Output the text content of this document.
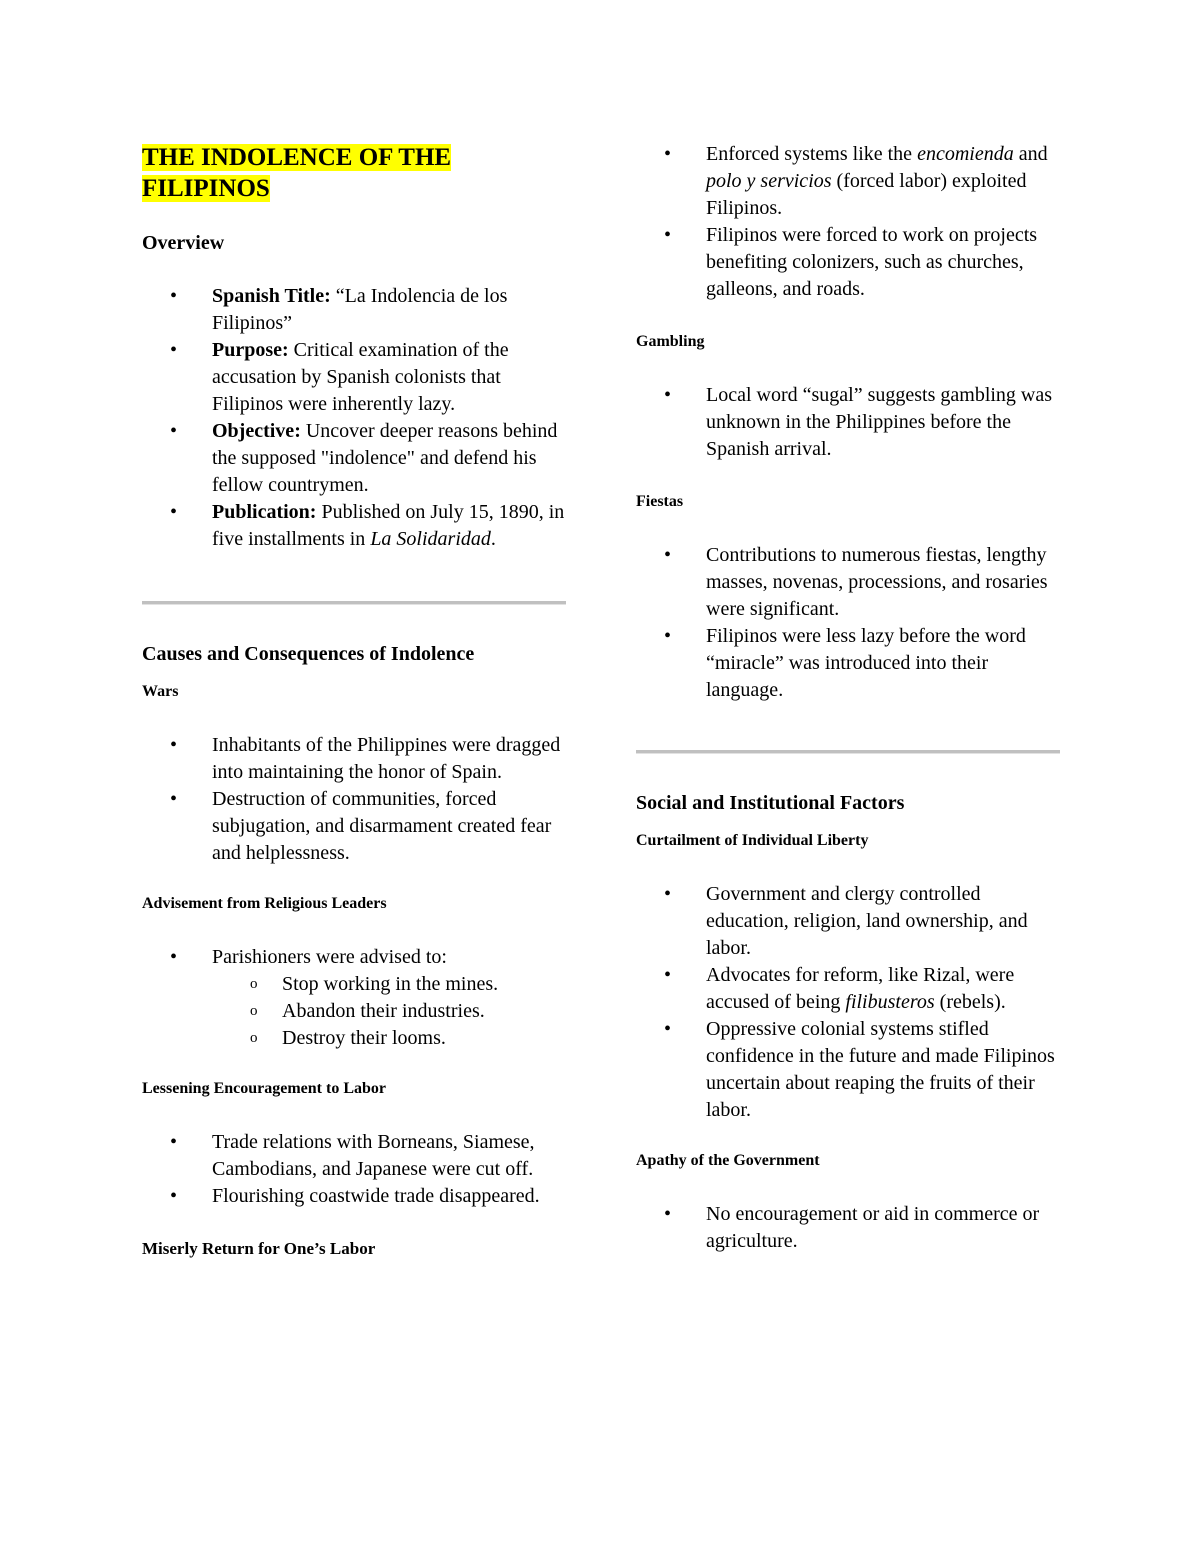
THE INDOLENCE OF THE FILIPINOS
Overview
• Spanish Title: “La Indolencia de los Filipinos”
• Purpose: Critical examination of the accusation by Spanish colonists that Filipinos were inherently lazy.
• Objective: Uncover deeper reasons behind the supposed "indolence" and defend his fellow countrymen.
• Publication: Published on July 15, 1890, in five installments in La Solidaridad.
Causes and Consequences of Indolence
Wars
• Inhabitants of the Philippines were dragged into maintaining the honor of Spain.
• Destruction of communities, forced subjugation, and disarmament created fear and helplessness.
Advisement from Religious Leaders
• Parishioners were advised to:
o Stop working in the mines.
o Abandon their industries.
o Destroy their looms.
Lessening Encouragement to Labor
• Trade relations with Borneans, Siamese, Cambodians, and Japanese were cut off.
• Flourishing coastwide trade disappeared.
Miserly Return for One’s Labor
• Enforced systems like the encomienda and polo y servicios (forced labor) exploited Filipinos.
• Filipinos were forced to work on projects benefiting colonizers, such as churches, galleons, and roads.
Gambling
• Local word “sugal” suggests gambling was unknown in the Philippines before the Spanish arrival.
Fiestas
• Contributions to numerous fiestas, lengthy masses, novenas, processions, and rosaries were significant.
• Filipinos were less lazy before the word “miracle” was introduced into their language.
Social and Institutional Factors
Curtailment of Individual Liberty
• Government and clergy controlled education, religion, land ownership, and labor.
• Advocates for reform, like Rizal, were accused of being filibusteros (rebels).
• Oppressive colonial systems stifled confidence in the future and made Filipinos uncertain about reaping the fruits of their labor.
Apathy of the Government
• No encouragement or aid in commerce or agriculture.
